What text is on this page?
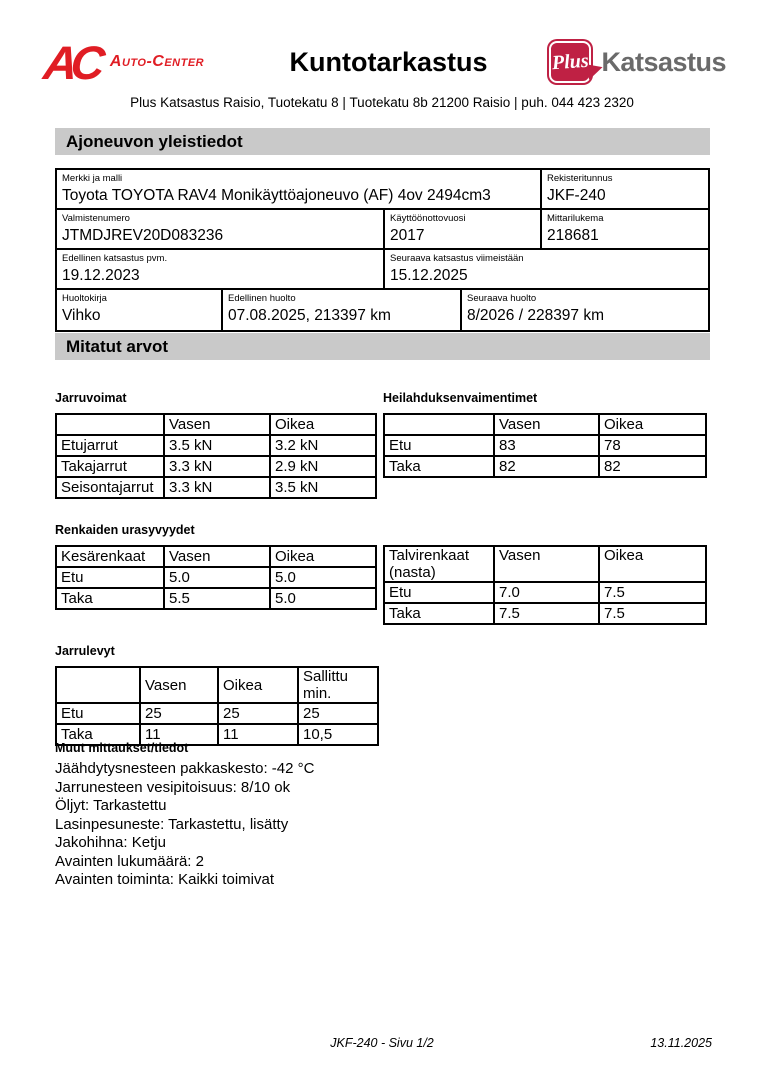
AC Auto-Center	Kuntotarkastus	Plus Katsastus
Plus Katsastus Raisio, Tuotekatu 8 | Tuotekatu 8b 21200 Raisio | puh. 044 423 2320
Ajoneuvon yleistiedot
Merkki ja malli
Toyota TOYOTA RAV4 Monikäyttöajoneuvo (AF) 4ov 2494cm3
Rekisteritunnus
JKF-240
Valmistenumero
JTMDJREV20D083236
Käyttöönottovuosi
2017
Mittarilukema
218681
Edellinen katsastus pvm.
19.12.2023
Seuraava katsastus viimeistään
15.12.2025
Huoltokirja
Vihko
Edellinen huolto
07.08.2025, 213397 km
Seuraava huolto
8/2026 / 228397 km
Mitatut arvot
Jarruvoimat
	Vasen	Oikea
Etujarrut	3.5 kN	3.2 kN
Takajarrut	3.3 kN	2.9 kN
Seisontajarrut	3.3 kN	3.5 kN
Heilahduksenvaimentimet
	Vasen	Oikea
Etu	83	78
Taka	82	82
Renkaiden urasyvyydet
Kesärenkaat	Vasen	Oikea
Etu	5.0	5.0
Taka	5.5	5.0
Talvirenkaat (nasta)	Vasen	Oikea
Etu	7.0	7.5
Taka	7.5	7.5
Jarrulevyt
	Vasen	Oikea	Sallittu min.
Etu	25	25	25
Taka	11	11	10,5
Muut mittaukset/tiedot
Jäähdytysnesteen pakkaskesto: -42 °C
Jarrunesteen vesipitoisuus: 8/10 ok
Öljyt: Tarkastettu
Lasinpesuneste: Tarkastettu, lisätty
Jakohihna: Ketju
Avainten lukumäärä: 2
Avainten toiminta: Kaikki toimivat
JKF-240 - Sivu 1/2	13.11.2025
